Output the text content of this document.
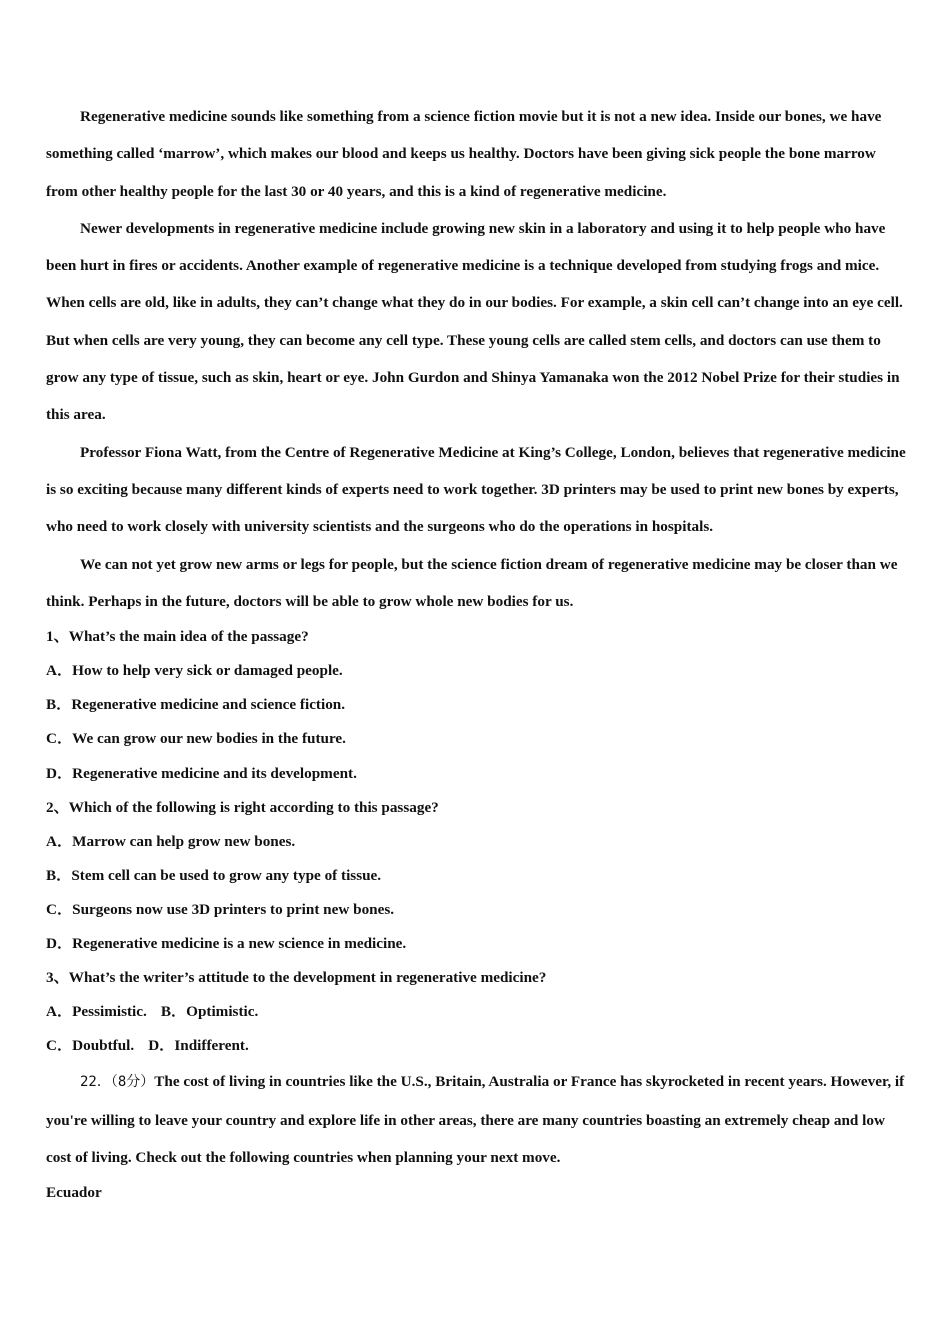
Regenerative medicine sounds like something from a science fiction movie but it is not a new idea. Inside our bones, we have something called ‘marrow’, which makes our blood and keeps us healthy. Doctors have been giving sick people the bone marrow from other healthy people for the last 30 or 40 years, and this is a kind of regenerative medicine.

Newer developments in regenerative medicine include growing new skin in a laboratory and using it to help people who have been hurt in fires or accidents. Another example of regenerative medicine is a technique developed from studying frogs and mice. When cells are old, like in adults, they can’t change what they do in our bodies. For example, a skin cell can’t change into an eye cell. But when cells are very young, they can become any cell type. These young cells are called stem cells, and doctors can use them to grow any type of tissue, such as skin, heart or eye. John Gurdon and Shinya Yamanaka won the 2012 Nobel Prize for their studies in this area.

Professor Fiona Watt, from the Centre of Regenerative Medicine at King’s College, London, believes that regenerative medicine is so exciting because many different kinds of experts need to work together. 3D printers may be used to print new bones by experts, who need to work closely with university scientists and the surgeons who do the operations in hospitals.

We can not yet grow new arms or legs for people, but the science fiction dream of regenerative medicine may be closer than we think. Perhaps in the future, doctors will be able to grow whole new bodies for us.

1、What’s the main idea of the passage?

A．How to help very sick or damaged people.

B．Regenerative medicine and science fiction.

C．We can grow our new bodies in the future.

D．Regenerative medicine and its development.

2、Which of the following is right according to this passage?

A．Marrow can help grow new bones.

B．Stem cell can be used to grow any type of tissue.

C．Surgeons now use 3D printers to print new bones.

D．Regenerative medicine is a new science in medicine.

3、What’s the writer’s attitude to the development in regenerative medicine?

A．Pessimistic. B．Optimistic.

C．Doubtful. D．Indifferent.

22．（8分）The cost of living in countries like the U.S., Britain, Australia or France has skyrocketed in recent years. However, if you're willing to leave your country and explore life in other areas, there are many countries boasting an extremely cheap and low cost of living. Check out the following countries when planning your next move.

Ecuador
